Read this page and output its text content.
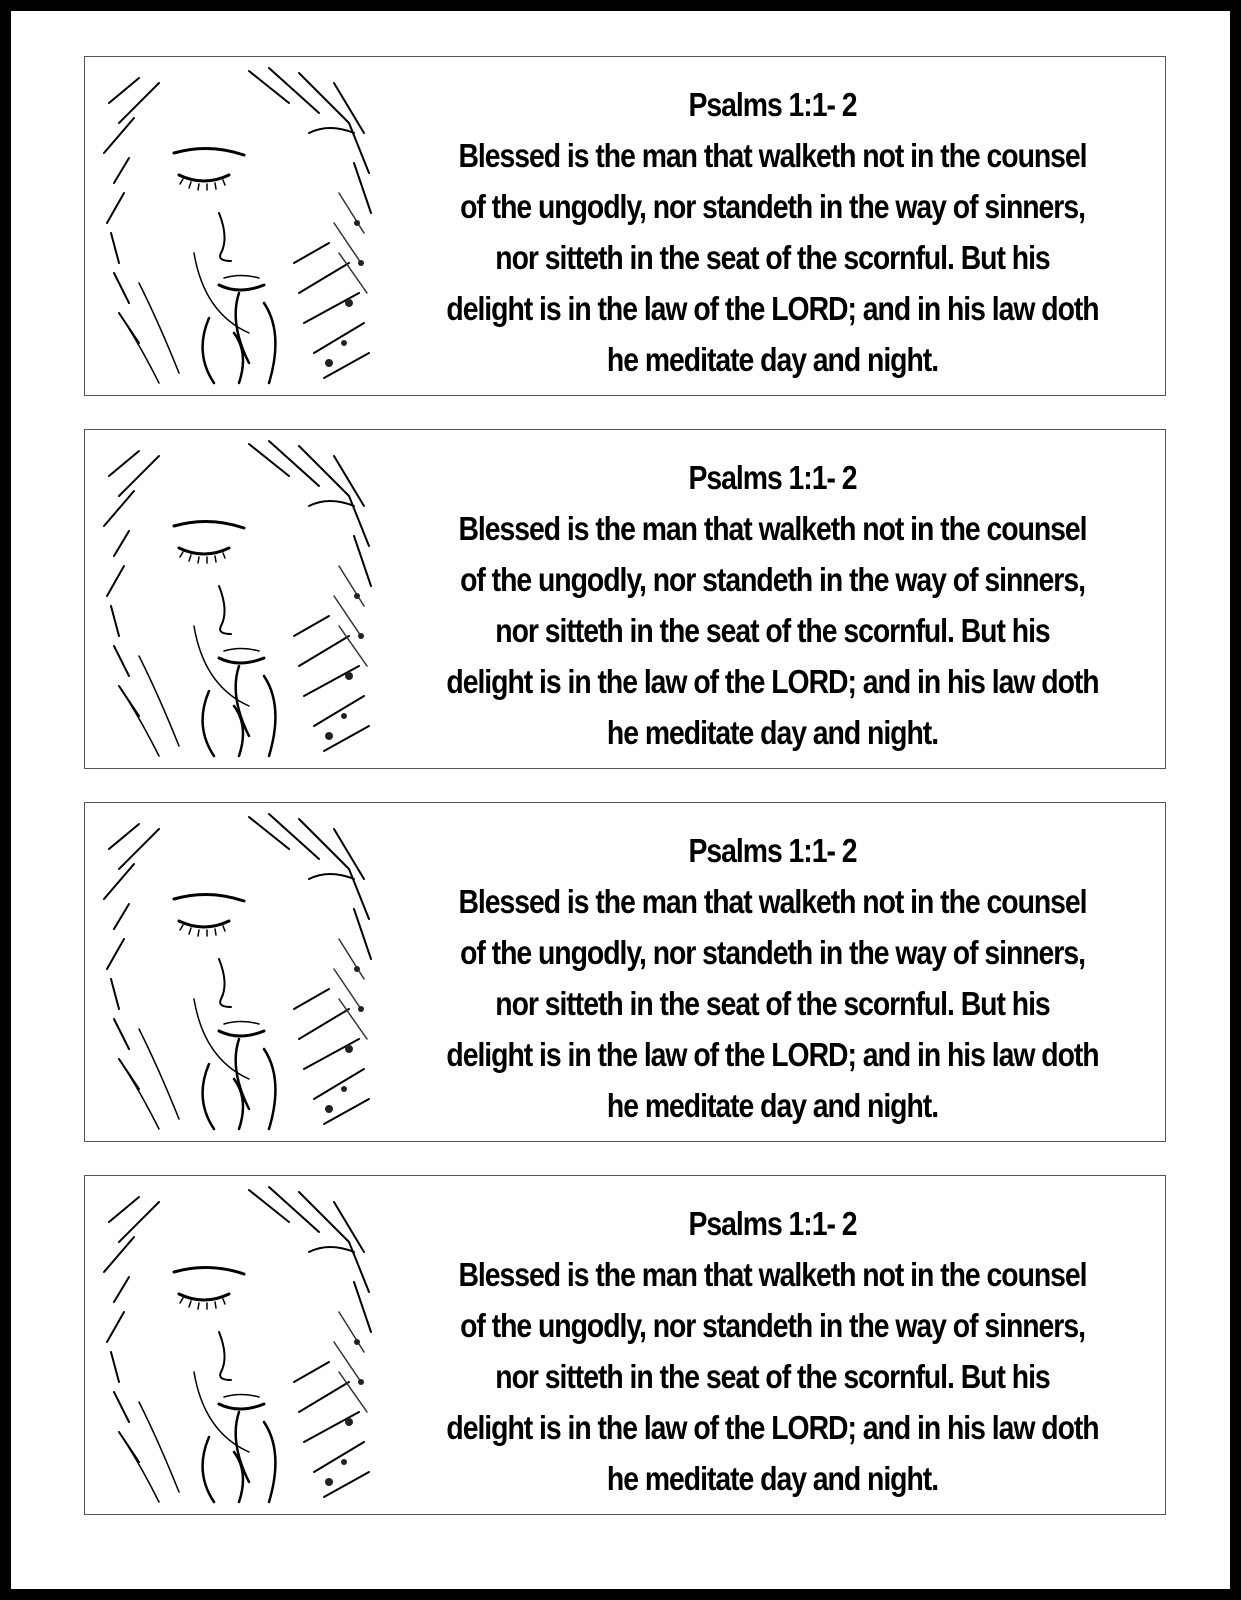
Psalms 1:1- 2
Blessed is the man that walketh not in the counsel
of the ungodly, nor standeth in the way of sinners,
nor sitteth in the seat of the scornful. But his
delight is in the law of the LORD; and in his law doth
he meditate day and night.
Psalms 1:1- 2
Blessed is the man that walketh not in the counsel
of the ungodly, nor standeth in the way of sinners,
nor sitteth in the seat of the scornful. But his
delight is in the law of the LORD; and in his law doth
he meditate day and night.
Psalms 1:1- 2
Blessed is the man that walketh not in the counsel
of the ungodly, nor standeth in the way of sinners,
nor sitteth in the seat of the scornful. But his
delight is in the law of the LORD; and in his law doth
he meditate day and night.
Psalms 1:1- 2
Blessed is the man that walketh not in the counsel
of the ungodly, nor standeth in the way of sinners,
nor sitteth in the seat of the scornful. But his
delight is in the law of the LORD; and in his law doth
he meditate day and night.
